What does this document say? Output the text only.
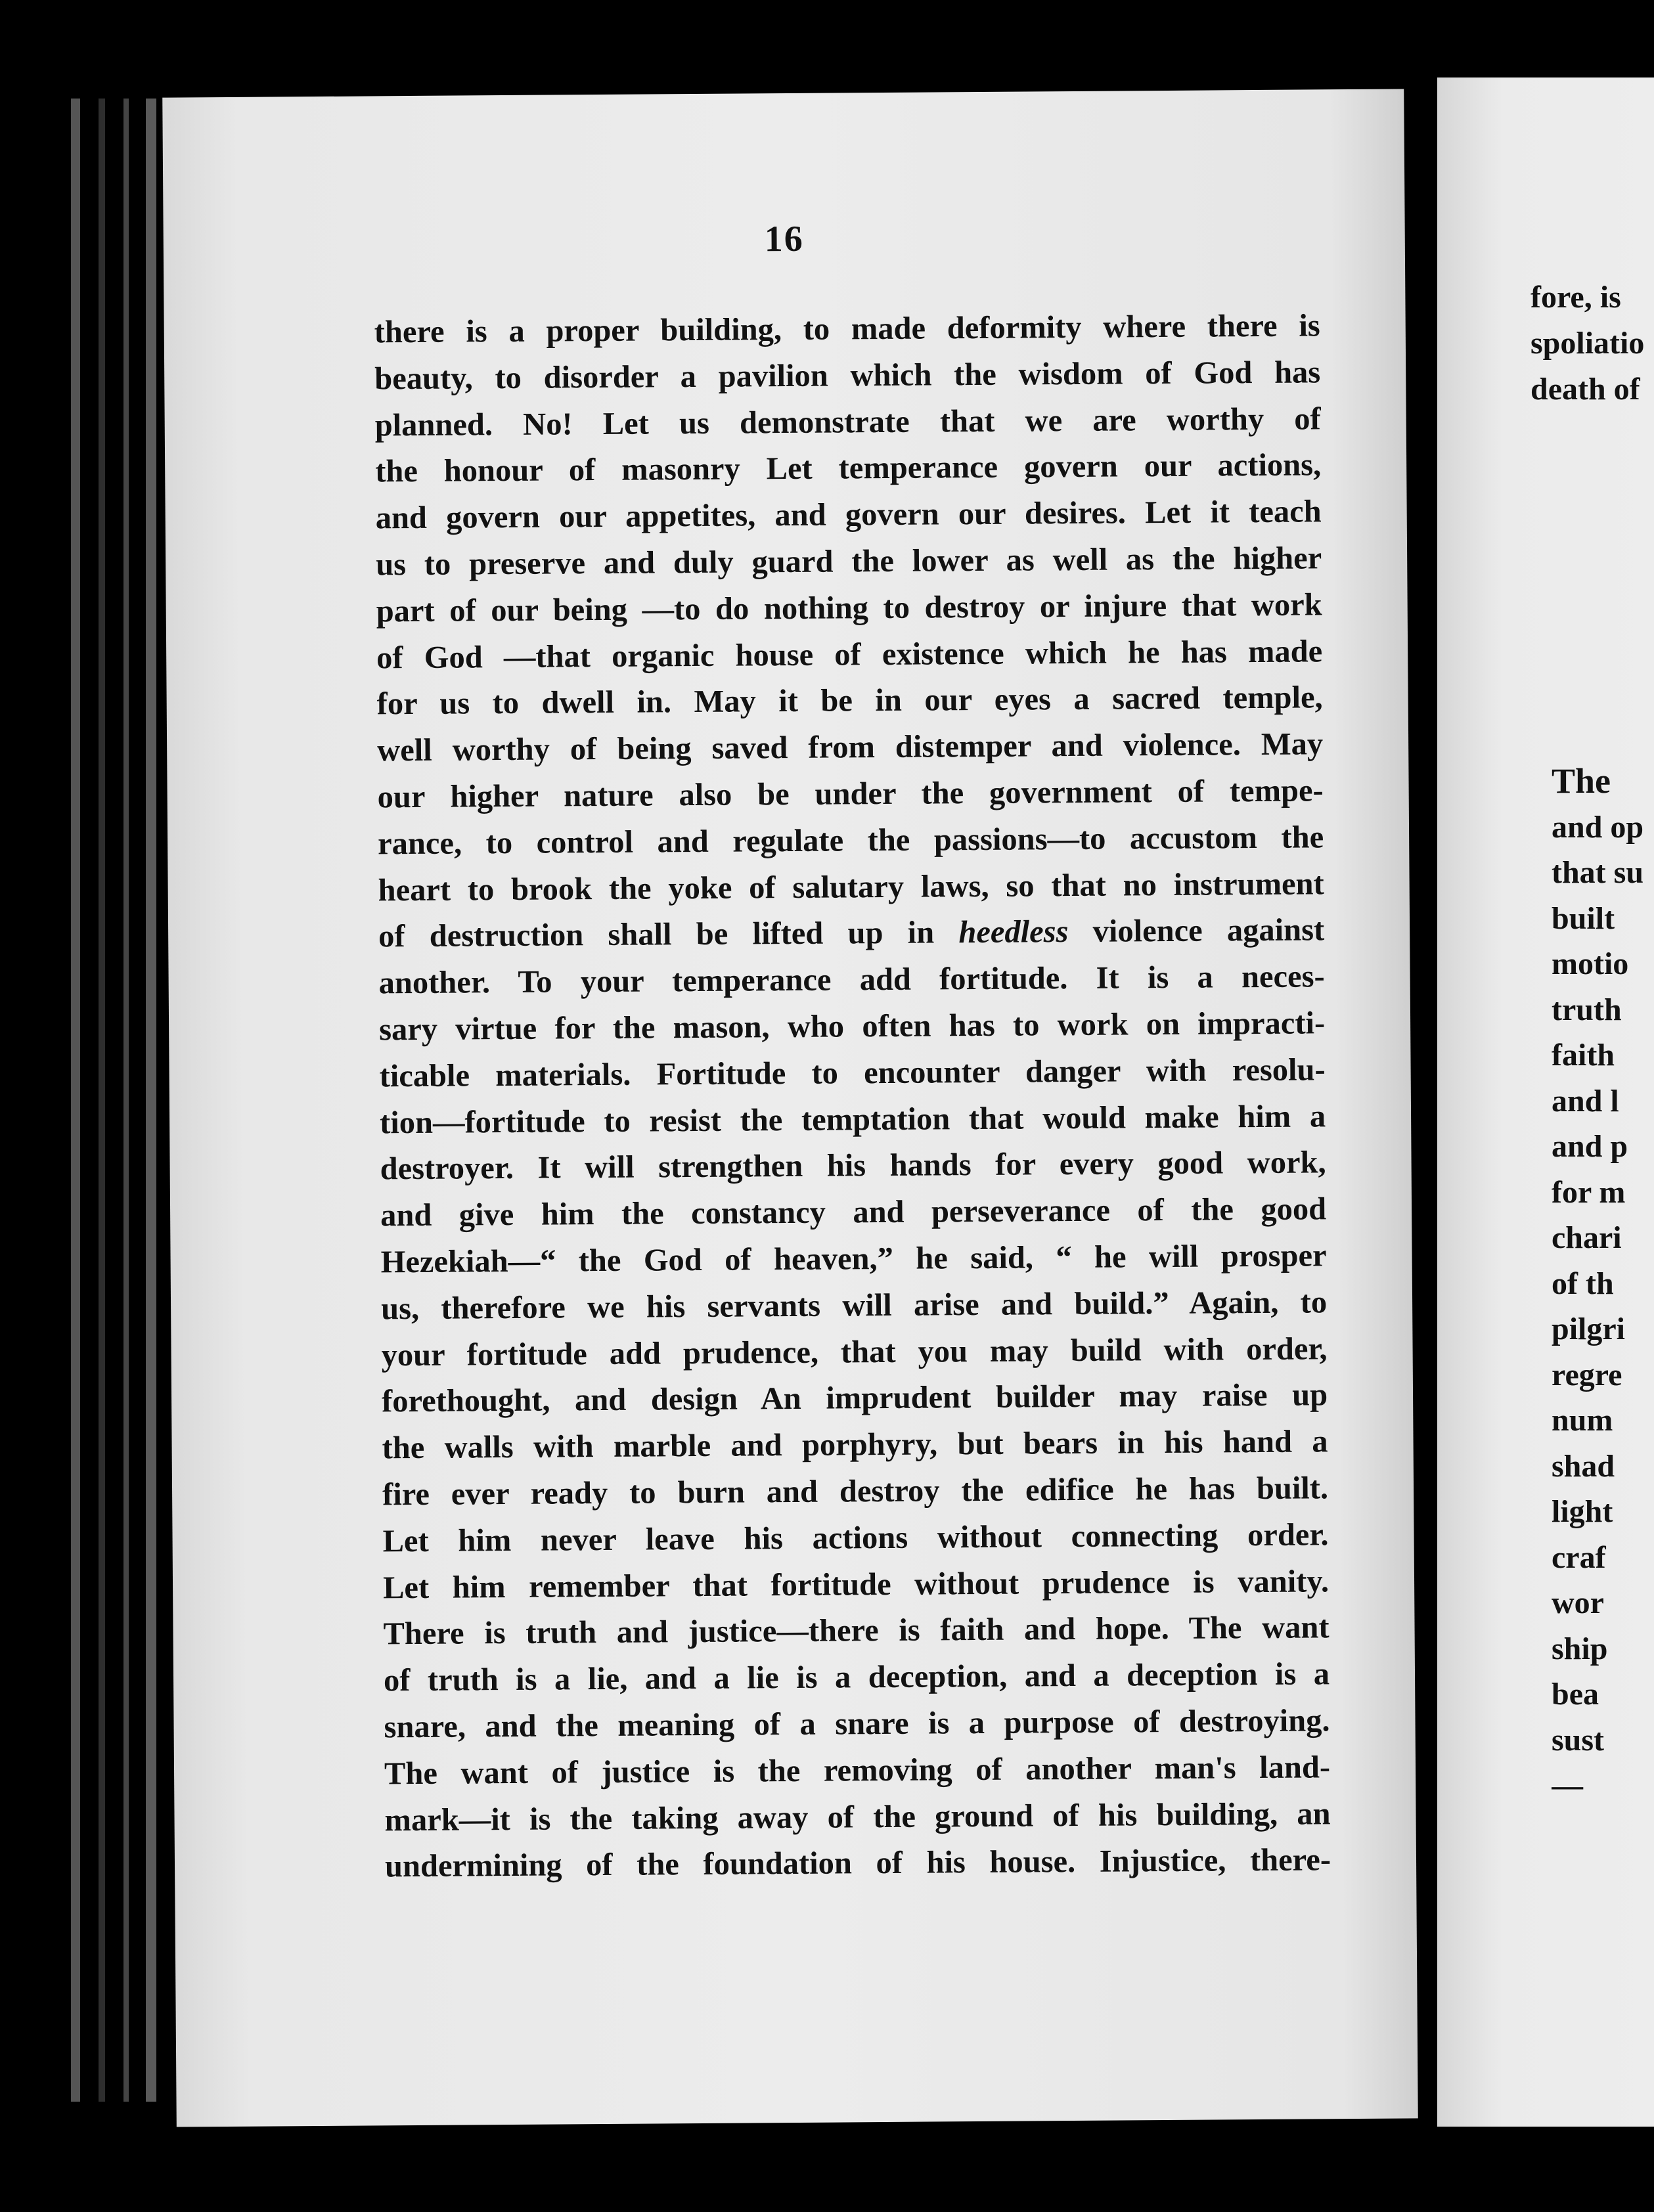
16
there is a proper building, to made deformity where there is
beauty, to disorder a pavilion which the wisdom of God has
planned. No! Let us demonstrate that we are worthy of
the honour of masonry Let temperance govern our actions,
and govern our appetites, and govern our desires. Let it teach
us to preserve and duly guard the lower as well as the higher
part of our being —to do nothing to destroy or injure that work
of God —that organic house of existence which he has made
for us to dwell in. May it be in our eyes a sacred temple,
well worthy of being saved from distemper and violence. May
our higher nature also be under the government of tempe-
rance, to control and regulate the passions—to accustom the
heart to brook the yoke of salutary laws, so that no instrument
of destruction shall be lifted up in heedless violence against
another. To your temperance add fortitude. It is a neces-
sary virtue for the mason, who often has to work on impracti-
ticable materials. Fortitude to encounter danger with resolu-
tion—fortitude to resist the temptation that would make him a
destroyer. It will strengthen his hands for every good work,
and give him the constancy and perseverance of the good
Hezekiah—“ the God of heaven,” he said, “ he will prosper
us, therefore we his servants will arise and build.” Again, to
your fortitude add prudence, that you may build with order,
forethought, and design An imprudent builder may raise up
the walls with marble and porphyry, but bears in his hand a
fire ever ready to burn and destroy the edifice he has built.
Let him never leave his actions without connecting order.
Let him remember that fortitude without prudence is vanity.
There is truth and justice—there is faith and hope. The want
of truth is a lie, and a lie is a deception, and a deception is a
snare, and the meaning of a snare is a purpose of destroying.
The want of justice is the removing of another man's land-
mark—it is the taking away of the ground of his building, an
undermining of the foundation of his house. Injustice, there-
fore, is
spoliatio
death of
The
and op
that su
built
motio
truth
faith
and l
and p
for m
chari
of th
pilgri
regre
num
shad
light
craf
wor
ship
bea
sust
—
